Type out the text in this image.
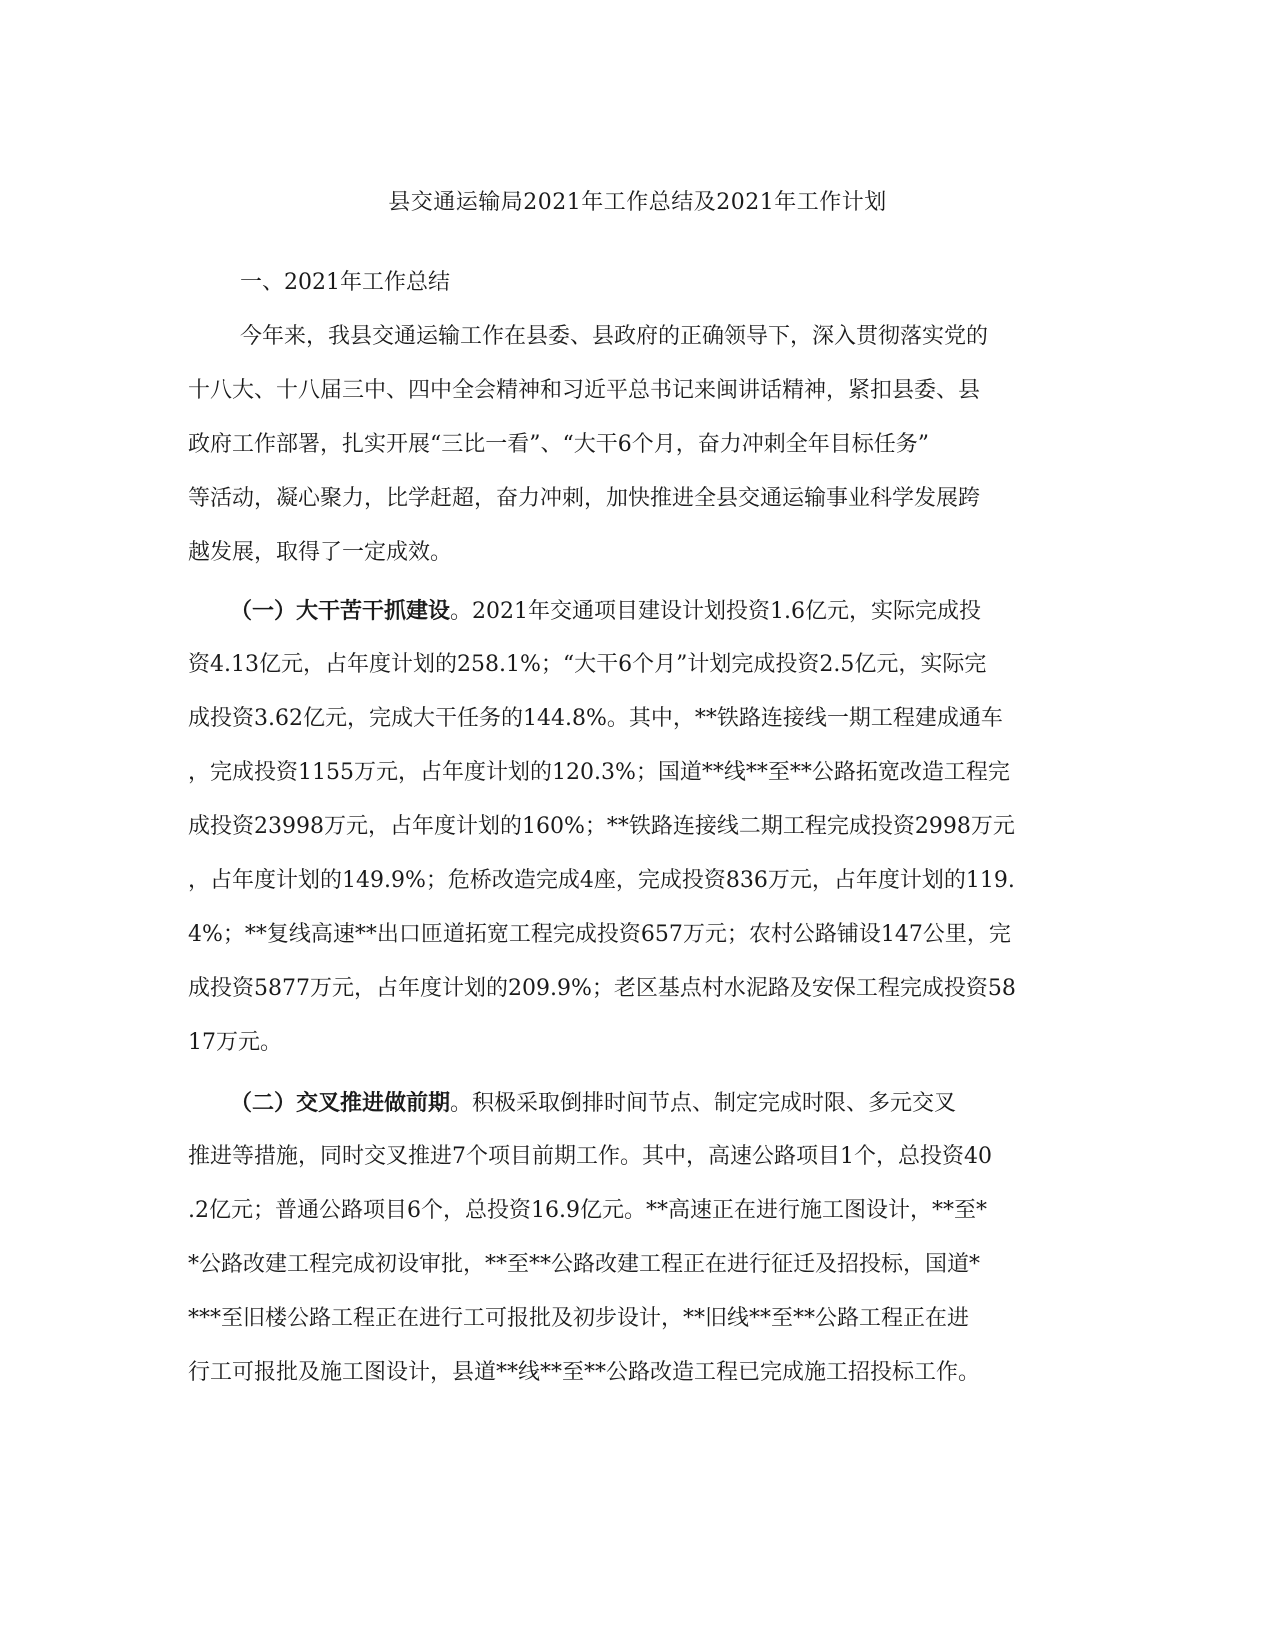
县交通运输局2021年工作总结及2021年工作计划
一、2021年工作总结
今年来，我县交通运输工作在县委、县政府的正确领导下，深入贯彻落实党的
十八大、十八届三中、四中全会精神和习近平总书记来闽讲话精神，紧扣县委、县
政府工作部署，扎实开展“三比一看”、“大干6个月，奋力冲刺全年目标任务”
等活动，凝心聚力，比学赶超，奋力冲刺，加快推进全县交通运输事业科学发展跨
越发展，取得了一定成效。
（一）大干苦干抓建设。2021年交通项目建设计划投资1.6亿元，实际完成投
资4.13亿元，占年度计划的258.1%；“大干6个月”计划完成投资2.5亿元，实际完
成投资3.62亿元，完成大干任务的144.8%。其中，**铁路连接线一期工程建成通车
，完成投资1155万元，占年度计划的120.3%；国道**线**至**公路拓宽改造工程完
成投资23998万元，占年度计划的160%；**铁路连接线二期工程完成投资2998万元
，占年度计划的149.9%；危桥改造完成4座，完成投资836万元，占年度计划的119.
4%；**复线高速**出口匝道拓宽工程完成投资657万元；农村公路铺设147公里，完
成投资5877万元，占年度计划的209.9%；老区基点村水泥路及安保工程完成投资58
17万元。
（二）交叉推进做前期。积极采取倒排时间节点、制定完成时限、多元交叉
推进等措施，同时交叉推进7个项目前期工作。其中，高速公路项目1个，总投资40
.2亿元；普通公路项目6个，总投资16.9亿元。**高速正在进行施工图设计，**至*
*公路改建工程完成初设审批，**至**公路改建工程正在进行征迁及招投标，国道*
***至旧楼公路工程正在进行工可报批及初步设计，**旧线**至**公路工程正在进
行工可报批及施工图设计，县道**线**至**公路改造工程已完成施工招投标工作。
